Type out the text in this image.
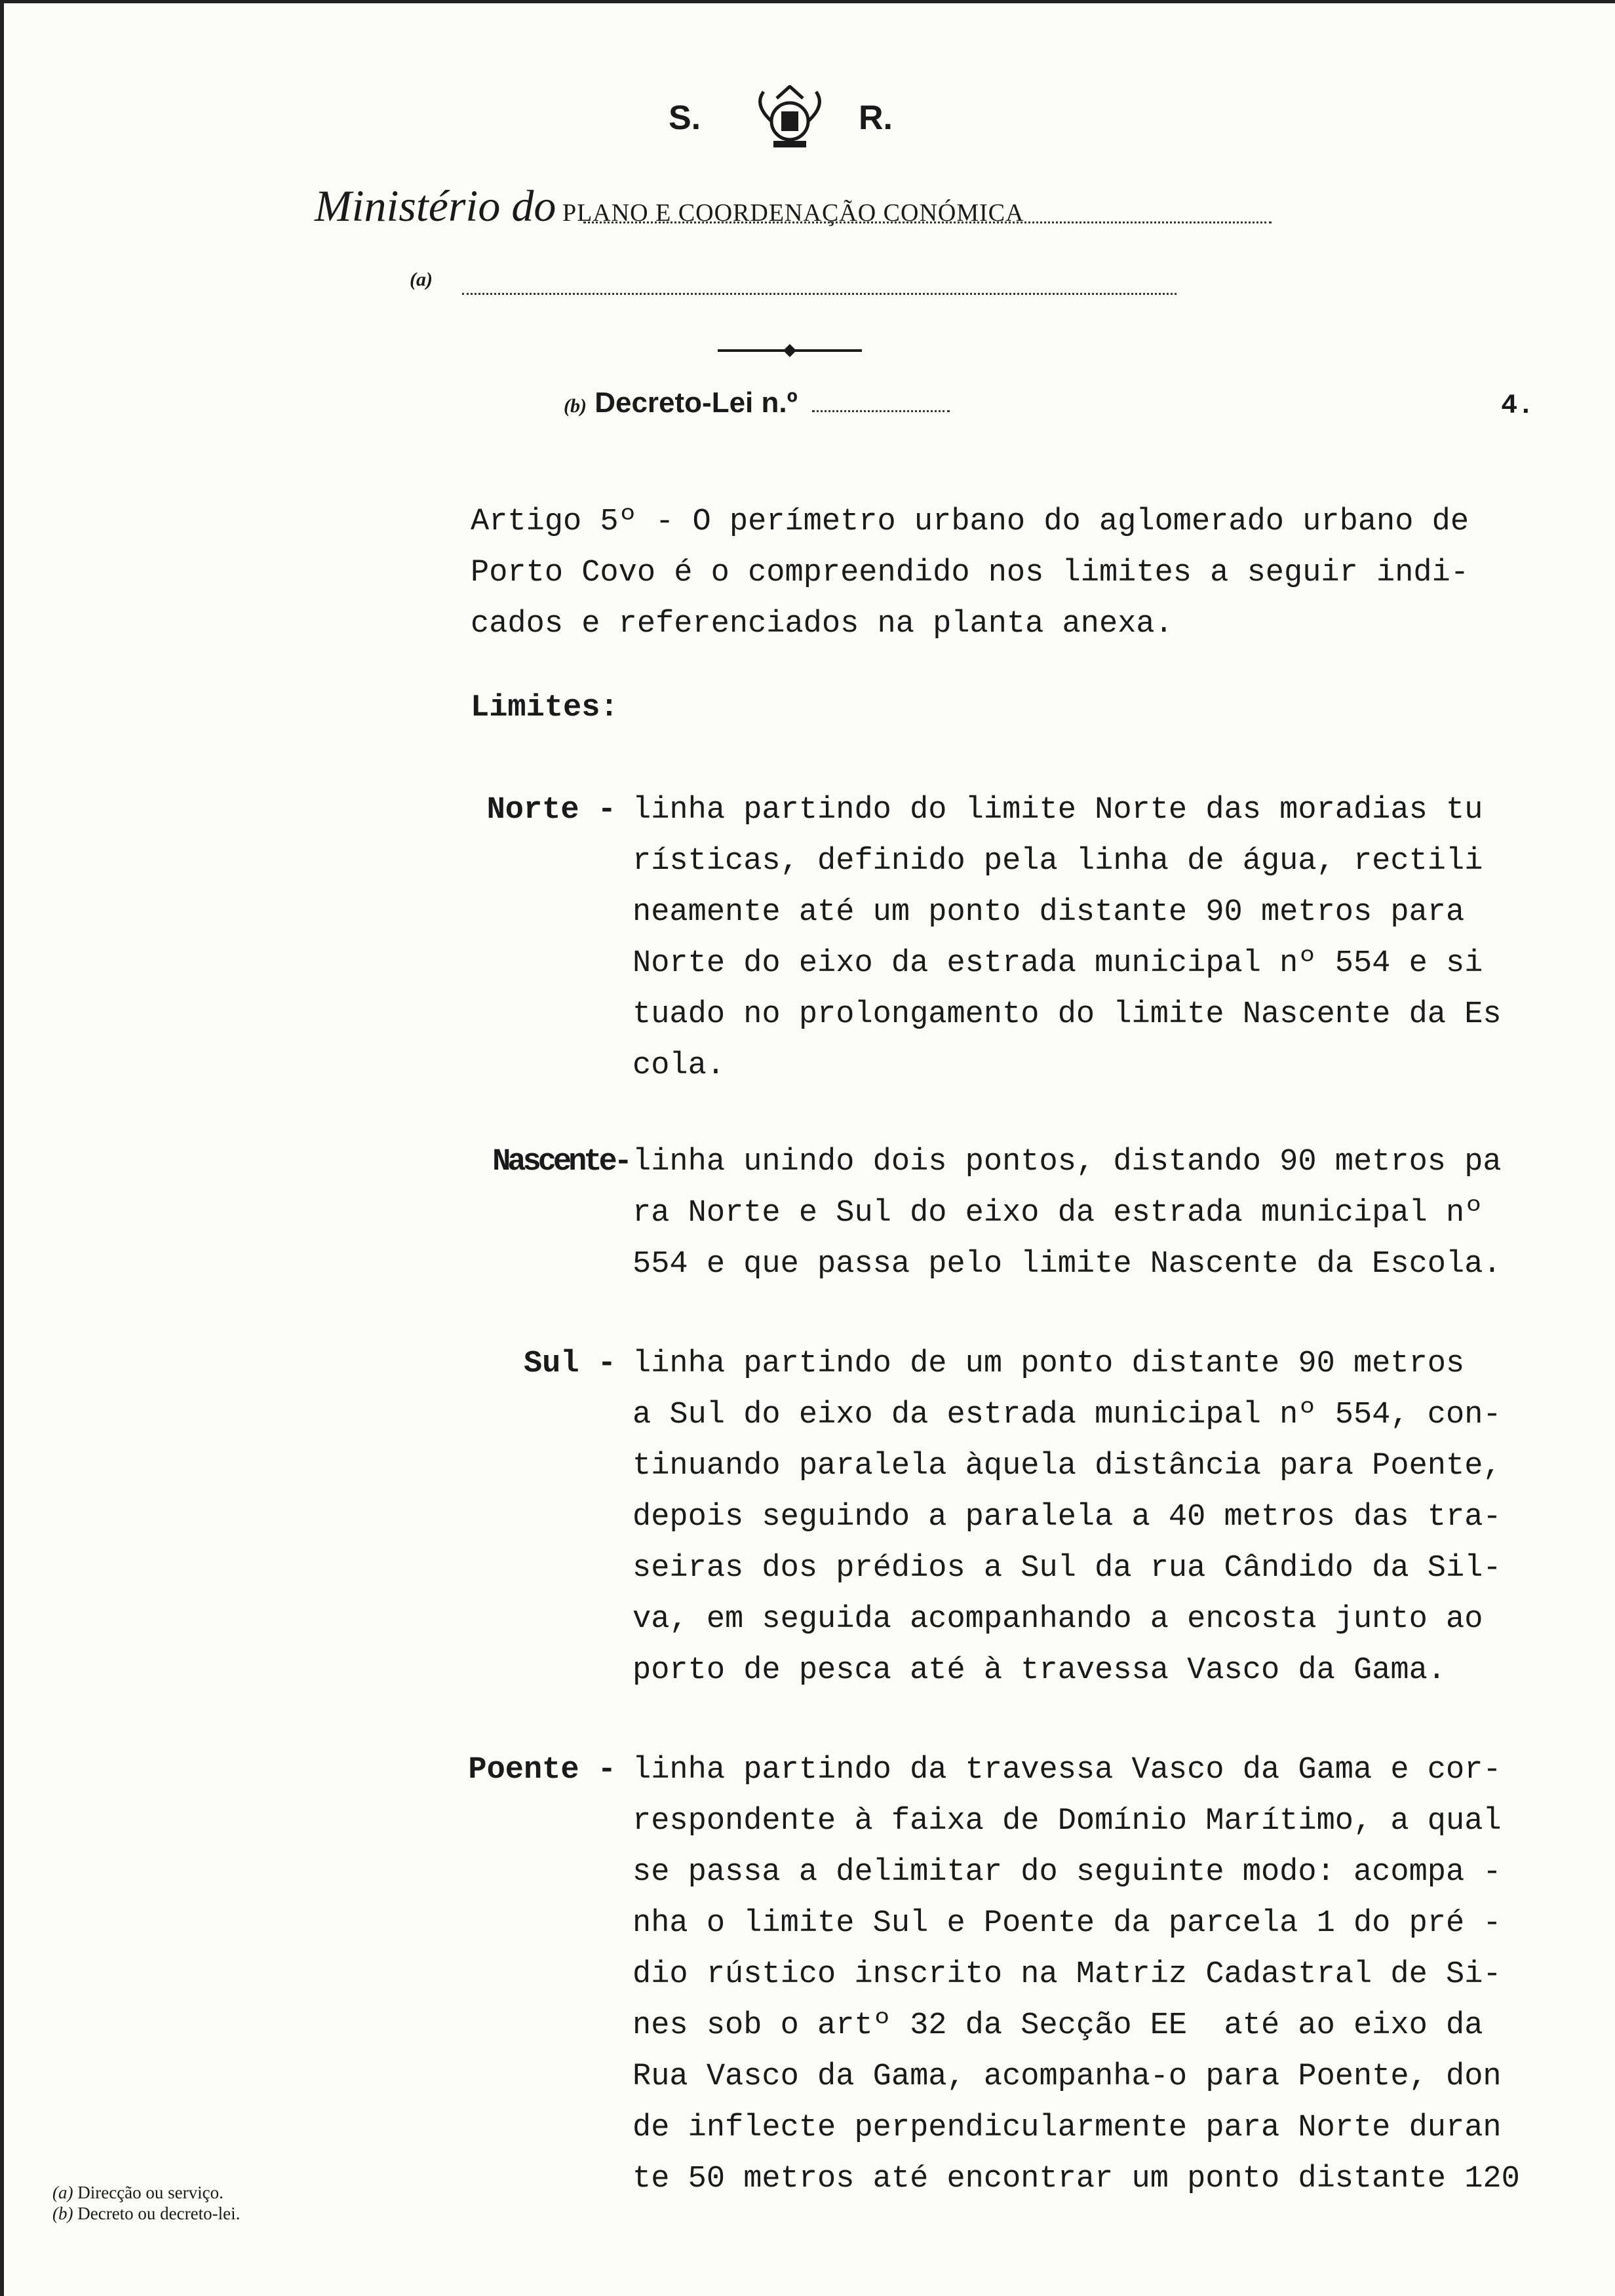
S.	R.
Ministério do PLANO E COORDENAÇÃO CONÓMICA
(a)
(b) Decreto-Lei n.º	4.
Artigo 5º - O perímetro urbano do aglomerado urbano de
Porto Covo é o compreendido nos limites a seguir indi-
cados e referenciados na planta anexa.
Limites:
Norte - linha partindo do limite Norte das moradias tu
rísticas, definido pela linha de água, rectili
neamente até um ponto distante 90 metros para
Norte do eixo da estrada municipal nº 554 e si
tuado no prolongamento do limite Nascente da Es
cola.
Nascente- linha unindo dois pontos, distando 90 metros pa
ra Norte e Sul do eixo da estrada municipal nº
554 e que passa pelo limite Nascente da Escola.
Sul - linha partindo de um ponto distante 90 metros
a Sul do eixo da estrada municipal nº 554, con-
tinuando paralela àquela distância para Poente,
depois seguindo a paralela a 40 metros das tra-
seiras dos prédios a Sul da rua Cândido da Sil-
va, em seguida acompanhando a encosta junto ao
porto de pesca até à travessa Vasco da Gama.
Poente - linha partindo da travessa Vasco da Gama e cor-
respondente à faixa de Domínio Marítimo, a qual
se passa a delimitar do seguinte modo: acompa -
nha o limite Sul e Poente da parcela 1 do pré -
dio rústico inscrito na Matriz Cadastral de Si-
nes sob o artº 32 da Secção EE  até ao eixo da
Rua Vasco da Gama, acompanha-o para Poente, don
de inflecte perpendicularmente para Norte duran
te 50 metros até encontrar um ponto distante 120
(a) Direcção ou serviço.
(b) Decreto ou decreto-lei.
